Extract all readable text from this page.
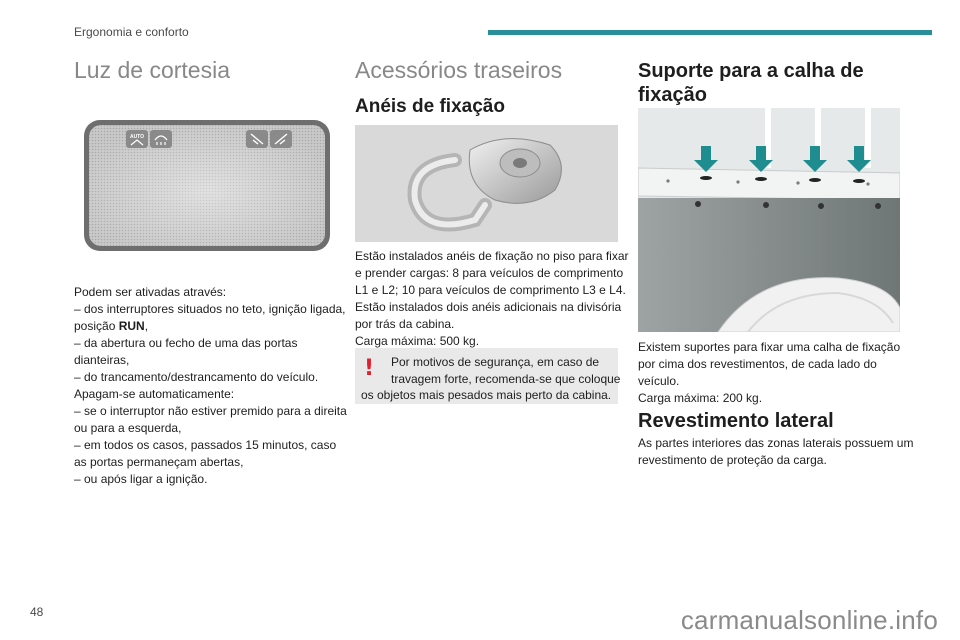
Ergonomia e conforto
Luz de cortesia
AUTO
Podem ser ativadas através:
– dos interruptores situados no teto, ignição ligada,
posição RUN,
– da abertura ou fecho de uma das portas
dianteiras,
– do trancamento/destrancamento do veículo.
Apagam-se automaticamente:
– se o interruptor não estiver premido para a direita
ou para a esquerda,
– em todos os casos, passados 15 minutos, caso
as portas permaneçam abertas,
– ou após ligar a ignição.
Acessórios traseiros
Anéis de fixação
Estão instalados anéis de fixação no piso para fixar
e prender cargas: 8 para veículos de comprimento
L1 e L2; 10 para veículos de comprimento L3 e L4.
Estão instalados dois anéis adicionais na divisória
por trás da cabina.
Carga máxima: 500 kg.
! Por motivos de segurança, em caso de
travagem forte, recomenda-se que coloque
os objetos mais pesados mais perto da cabina.
Suporte para a calha de
fixação
Existem suportes para fixar uma calha de fixação
por cima dos revestimentos, de cada lado do
veículo.
Carga máxima: 200 kg.
Revestimento lateral
As partes interiores das zonas laterais possuem um
revestimento de proteção da carga.
48	carmanualsonline.info
